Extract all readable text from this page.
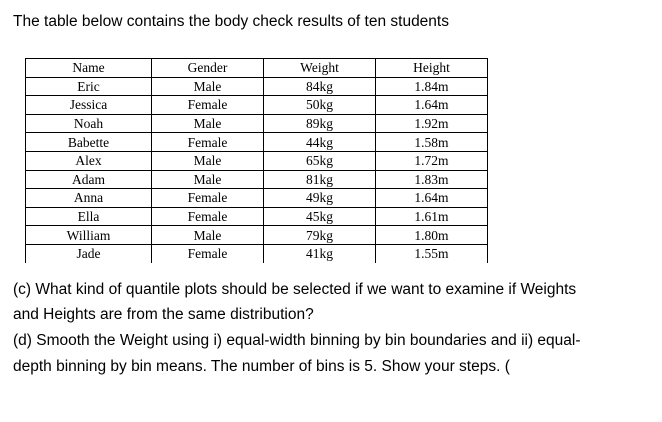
The table below contains the body check results of ten students
Name	Gender	Weight	Height
Eric	Male	84kg	1.84m
Jessica	Female	50kg	1.64m
Noah	Male	89kg	1.92m
Babette	Female	44kg	1.58m
Alex	Male	65kg	1.72m
Adam	Male	81kg	1.83m
Anna	Female	49kg	1.64m
Ella	Female	45kg	1.61m
William	Male	79kg	1.80m
Jade	Female	41kg	1.55m
(c) What kind of quantile plots should be selected if we want to examine if Weights
and Heights are from the same distribution?
(d) Smooth the Weight using i) equal-width binning by bin boundaries and ii) equal-
depth binning by bin means. The number of bins is 5. Show your steps. (
